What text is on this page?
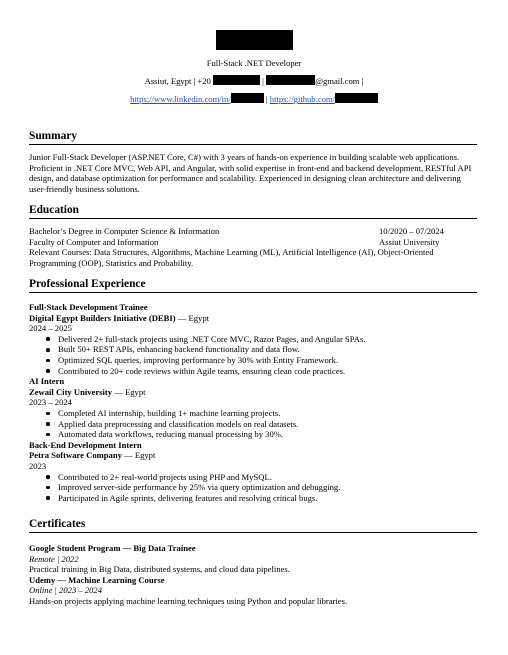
Full-Stack .NET Developer
Assiut, Egypt | +20	|	@gmail.com |
https://www.linkedin.com/in/	| https://github.com/
Summary

Junior Full-Stack Developer (ASP.NET Core, C#) with 3 years of hands-on experience in building scalable web applications. Proficient in .NET Core MVC, Web API, and Angular, with solid expertise in front-end and backend development, RESTful API design, and database optimization for performance and scalability. Experienced in designing clean architecture and delivering user-friendly business solutions.

Education
Bachelor’s Degree in Computer Science & Information	10/2020 – 07/2024
Faculty of Computer and Information	Assiut University

Relevant Courses: Data Structures, Algorithms, Machine Learning (ML), Artificial Intelligence (AI), Object-Oriented Programming (OOP), Statistics and Probability.

Professional Experience
Full-Stack Development Trainee
Digital Egypt Builders Initiative (DEBI) — Egypt
2024 – 2025
Delivered 2+ full-stack projects using .NET Core MVC, Razor Pages, and Angular SPAs.
Built 50+ REST APIs, enhancing backend functionality and data flow.
Optimized SQL queries, improving performance by 30% with Entity Framework.
Contributed to 20+ code reviews within Agile teams, ensuring clean code practices.
AI Intern
Zewail City University — Egypt
2023 – 2024
Completed AI internship, building 1+ machine learning projects.
Applied data preprocessing and classification models on real datasets.
Automated data workflows, reducing manual processing by 30%.
Back-End Development Intern
Petra Software Company — Egypt
2023
Contributed to 2+ real-world projects using PHP and MySQL.
Improved server-side performance by 25% via query optimization and debugging.
Participated in Agile sprints, delivering features and resolving critical bugs.
Certificates
Google Student Program — Big Data Trainee
Remote | 2022
Practical training in Big Data, distributed systems, and cloud data pipelines.
Udemy — Machine Learning Course
Online | 2023 – 2024
Hands-on projects applying machine learning techniques using Python and popular libraries.
